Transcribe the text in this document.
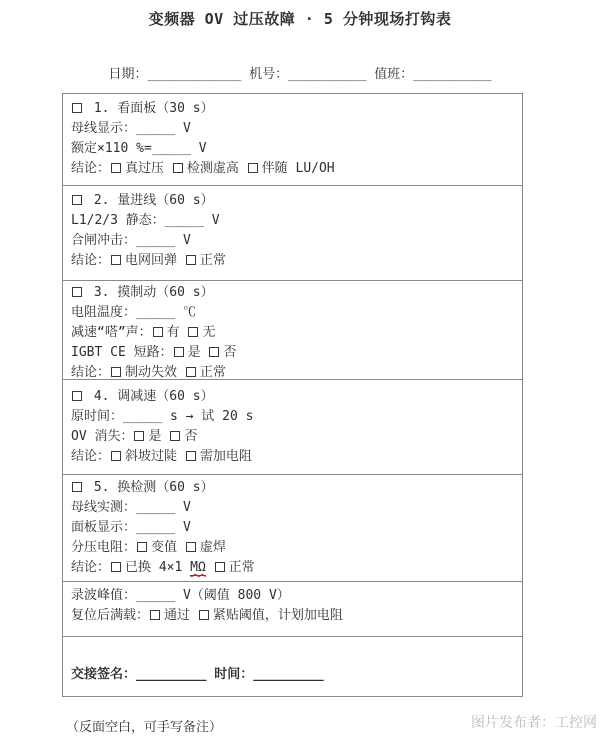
变频器 OV 过压故障 · 5 分钟现场打钩表
日期：____________ 机号：__________ 值班：__________
1. 看面板（30 s）
母线显示：_____ V
额定×110 %=_____ V
结论： 真过压 检测虚高 伴随 LU/OH
2. 量进线（60 s）
L1/2/3 静态：_____ V
合闸冲击：_____ V
结论： 电网回弹 正常
3. 摸制动（60 s）
电阻温度：_____ ℃
减速“嗒”声： 有 无
IGBT CE 短路： 是 否
结论： 制动失效 正常
4. 调减速（60 s）
原时间：_____ s → 试 20 s
OV 消失： 是 否
结论： 斜坡过陡 需加电阻
5. 换检测（60 s）
母线实测：_____ V
面板显示：_____ V
分压电阻： 变值 虚焊
结论： 已换 4×1 MΩ 正常
录波峰值：_____ V（阈值 800 V）
复位后满载： 通过 紧贴阈值，计划加电阻
交接签名：_________ 时间：_________
（反面空白，可手写备注）	图片发布者：工控网
